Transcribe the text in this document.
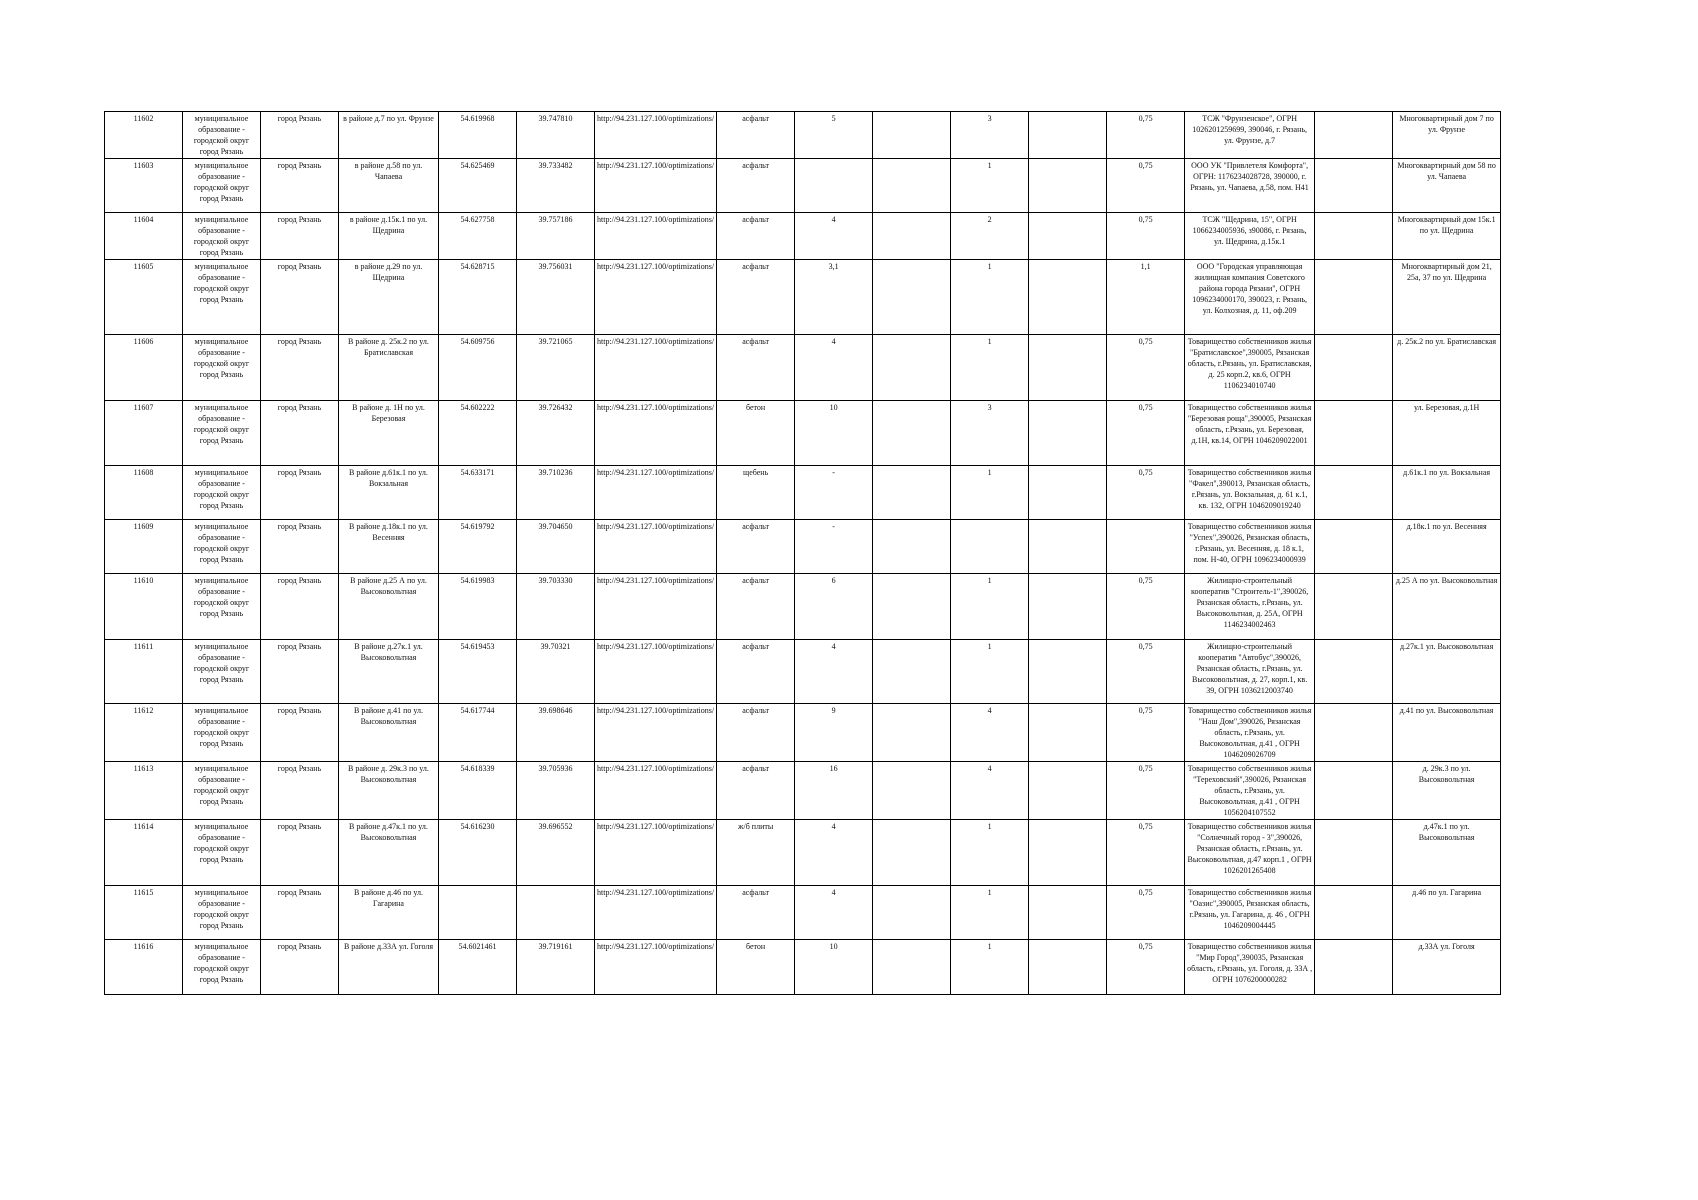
11602	муниципальное образование - городской округ город Рязань	город Рязань	в районе д.7 по ул. Фрунзе	54.619968	39.747810	http://94.231.127.100/optimizations/	асфальт	5		3		0,75	ТСЖ "Фрунзенское", ОГРН 1026201259699, 390046, г. Рязань, ул. Фрунзе, д.7		Многоквартирный дом 7 по ул. Фрунзе
11603	муниципальное образование - городской округ город Рязань	город Рязань	в районе д.58 по ул. Чапаева	54.625469	39.733482	http://94.231.127.100/optimizations/	асфальт			1		0,75	ООО УК "Привлетеля Комфорта", ОГРН: 1176234028728, 390000, г. Рязань, ул. Чапаева, д.58, пом. Н41		Многоквартирный дом 58 по ул. Чапаева
11604	муниципальное образование - городской округ город Рязань	город Рязань	в районе д.15к.1 по ул. Щедрина	54.627758	39.757186	http://94.231.127.100/optimizations/	асфальт	4		2		0,75	ТСЖ "Щедрина, 15", ОГРН 1066234005936, з90086, г. Рязань, ул. Щедрина, д.15к.1		Многоквартирный дом 15к.1 по ул. Щедрина
11605	муниципальное образование - городской округ город Рязань	город Рязань	в районе д.29 по ул. Щедрина	54.628715	39.756031	http://94.231.127.100/optimizations/	асфальт	3,1		1		1,1	ООО "Городская управляющая жилищная компания Советского района города Рязани", ОГРН 1096234000170, 390023, г. Рязань, ул. Колхозная, д. 11, оф.209		Многоквартирный дом 21, 25а, 37 по ул. Щедрина
11606	муниципальное образование - городской округ город Рязань	город Рязань	В районе д. 25к.2 по ул. Братиславская	54.609756	39.721065	http://94.231.127.100/optimizations/	асфальт	4		1		0,75	Товарищество собственников жилья "Братиславское",390005, Рязанская область, г.Рязань, ул. Братиславская, д. 25 корп.2, кв.6, ОГРН 1106234010740		д. 25к.2 по ул. Братиславская
11607	муниципальное образование - городской округ город Рязань	город Рязань	В районе д. 1Н по ул. Березовая	54.602222	39.726432	http://94.231.127.100/optimizations/	бетон	10		3		0,75	Товарищество собственников жилья "Березовая роща",390005, Рязанская область, г.Рязань, ул. Березовая, д.1Н, кв.14, ОГРН 1046209022001		ул. Березовая, д.1Н
11608	муниципальное образование - городской округ город Рязань	город Рязань	В районе д.61к.1 по ул. Вокзальная	54.633171	39.710236	http://94.231.127.100/optimizations/	щебень	-		1		0,75	Товарищество собственников жилья "Факел",390013, Рязанская область, г.Рязань, ул. Вокзальная, д. 61 к.1, кв. 132, ОГРН 1046209019240		д.61к.1 по ул. Вокзальная
11609	муниципальное образование - городской округ город Рязань	город Рязань	В районе д.18к.1 по ул. Весенняя	54.619792	39.704650	http://94.231.127.100/optimizations/	асфальт	-					Товарищество собственников жилья "Успех",390026, Рязанская область, г.Рязань, ул. Весенняя, д. 18 к.1, пом. Н-40, ОГРН 1096234000939		д.18к.1 по ул. Весенняя
11610	муниципальное образование - городской округ город Рязань	город Рязань	В районе д.25 А по ул. Высоковольтная	54.619983	39.703330	http://94.231.127.100/optimizations/	асфальт	6		1		0,75	Жилищно-строительный кооператив "Строитель-1",390026, Рязанская область, г.Рязань, ул. Высоковольтная, д. 25А, ОГРН 1146234002463		д.25 А по ул. Высоковольтная
11611	муниципальное образование - городской округ город Рязань	город Рязань	В районе д.27к.1 ул. Высоковольтная	54.619453	39.70321	http://94.231.127.100/optimizations/	асфальт	4		1		0,75	Жилищно-строительный кооператив "Автобус",390026, Рязанская область, г.Рязань, ул. Высоковольтная, д. 27, корп.1, кв. 39, ОГРН 1036212003740		д.27к.1 ул. Высоковольтная
11612	муниципальное образование - городской округ город Рязань	город Рязань	В районе д.41 по ул. Высоковольтная	54.617744	39.698646	http://94.231.127.100/optimizations/	асфальт	9		4		0,75	Товарищество собственников жилья "Наш Дом",390026, Рязанская область, г.Рязань, ул. Высоковольтная, д.41 , ОГРН 1046209026709		д.41 по ул. Высоковольтная
11613	муниципальное образование - городской округ город Рязань	город Рязань	В районе д. 29к.3 по ул. Высоковольтная	54.618339	39.705936	http://94.231.127.100/optimizations/	асфальт	16		4		0,75	Товарищество собственников жилья "Тереховский",390026, Рязанская область, г.Рязань, ул. Высоковольтная, д.41 , ОГРН 1056204107552		д. 29к.3 по ул. Высоковольтная
11614	муниципальное образование - городской округ город Рязань	город Рязань	В районе д.47к.1 по ул. Высоковольтная	54.616230	39.696552	http://94.231.127.100/optimizations/	ж/б плиты	4		1		0,75	Товарищество собственников жилья "Солнечный город - 3",390026, Рязанская область, г.Рязань, ул. Высоковольтная, д.47 корп.1 , ОГРН 1026201265408		д.47к.1 по ул. Высоковольтная
11615	муниципальное образование - городской округ город Рязань	город Рязань	В районе д.46 по ул. Гагарина			http://94.231.127.100/optimizations/	асфальт	4		1		0,75	Товарищество собственников жилья "Оазис",390005, Рязанская область, г.Рязань, ул. Гагарина, д. 46 , ОГРН 1046209004445		д.46 по ул. Гагарина
11616	муниципальное образование - городской округ город Рязань	город Рязань	В районе д.33А ул. Гоголя	54.6021461	39.719161	http://94.231.127.100/optimizations/	бетон	10		1		0,75	Товарищество собственников жилья "Мир Город",390035, Рязанская область, г.Рязань, ул. Гоголя, д. 33А , ОГРН 1076200000282		д.33А ул. Гоголя
